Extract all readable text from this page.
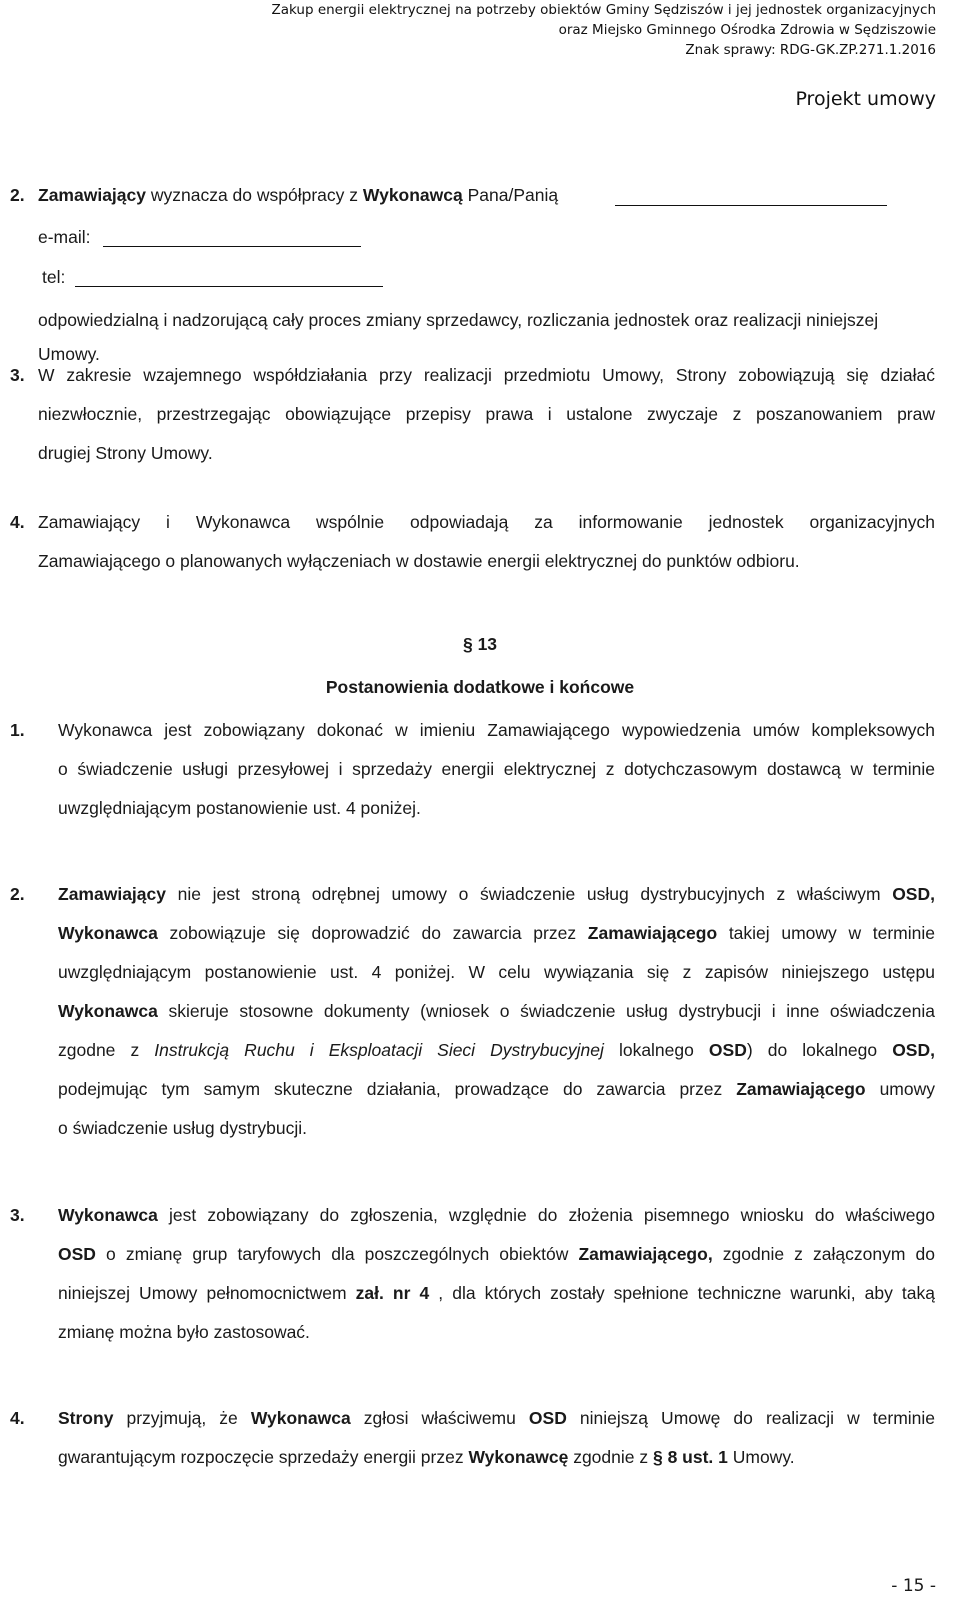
Zakup energii elektrycznej na potrzeby obiektów Gminy Sędziszów i jej jednostek organizacyjnych
oraz Miejsko Gminnego Ośrodka Zdrowia w Sędziszowie
Znak sprawy: RDG-GK.ZP.271.1.2016
Projekt umowy
2. Zamawiający wyznacza do współpracy z Wykonawcą Pana/Panią
e-mail:
tel:
odpowiedzialną i nadzorującą cały proces zmiany sprzedawcy, rozliczania jednostek oraz realizacji niniejszej
Umowy.
3. W zakresie wzajemnego współdziałania przy realizacji przedmiotu Umowy, Strony zobowiązują się działać
niezwłocznie, przestrzegając obowiązujące przepisy prawa i ustalone zwyczaje z poszanowaniem praw
drugiej Strony Umowy.
4. Zamawiający i Wykonawca wspólnie odpowiadają za informowanie jednostek organizacyjnych
Zamawiającego o planowanych wyłączeniach w dostawie energii elektrycznej do punktów odbioru.
§ 13
Postanowienia dodatkowe i końcowe
1. Wykonawca jest zobowiązany dokonać w imieniu Zamawiającego wypowiedzenia umów kompleksowych
o świadczenie usługi przesyłowej i sprzedaży energii elektrycznej z dotychczasowym dostawcą w terminie
uwzględniającym postanowienie ust. 4 poniżej.
2. Zamawiający nie jest stroną odrębnej umowy o świadczenie usług dystrybucyjnych z właściwym OSD,
Wykonawca zobowiązuje się doprowadzić do zawarcia przez Zamawiającego takiej umowy w terminie
uwzględniającym postanowienie ust. 4 poniżej. W celu wywiązania się z zapisów niniejszego ustępu
Wykonawca skieruje stosowne dokumenty (wniosek o świadczenie usług dystrybucji i inne oświadczenia
zgodne z Instrukcją Ruchu i Eksploatacji Sieci Dystrybucyjnej lokalnego OSD) do lokalnego OSD,
podejmując tym samym skuteczne działania, prowadzące do zawarcia przez Zamawiającego umowy
o świadczenie usług dystrybucji.
3. Wykonawca jest zobowiązany do zgłoszenia, względnie do złożenia pisemnego wniosku do właściwego
OSD o zmianę grup taryfowych dla poszczególnych obiektów Zamawiającego, zgodnie z załączonym do
niniejszej Umowy pełnomocnictwem zał. nr 4 , dla których zostały spełnione techniczne warunki, aby taką
zmianę można było zastosować.
4. Strony przyjmują, że Wykonawca zgłosi właściwemu OSD niniejszą Umowę do realizacji w terminie
gwarantującym rozpoczęcie sprzedaży energii przez Wykonawcę zgodnie z § 8 ust. 1 Umowy.
- 15 -
